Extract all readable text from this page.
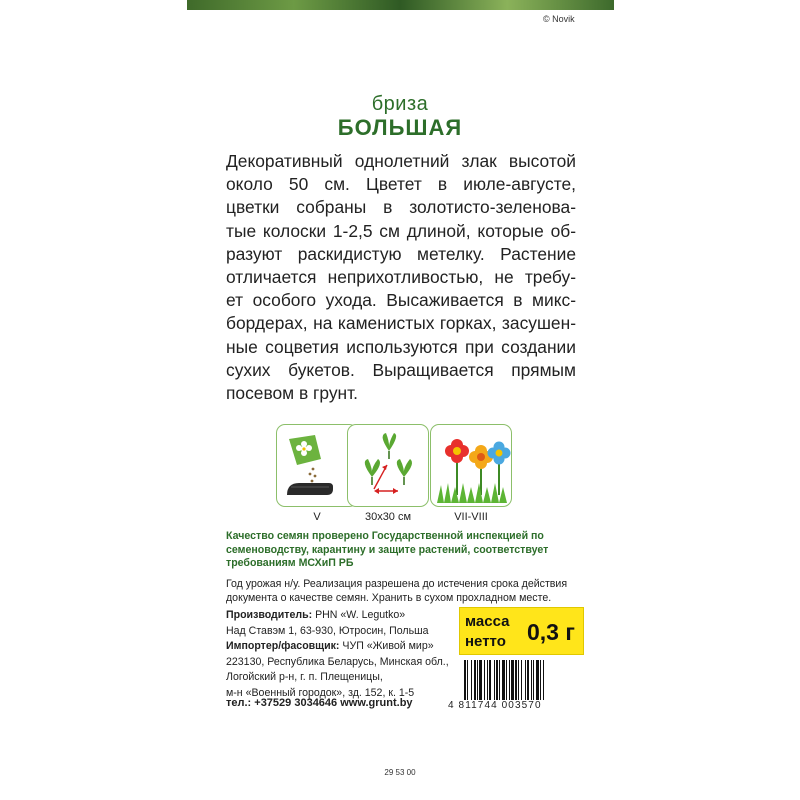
© Novik
бриза
БОЛЬШАЯ
Декоративный однолетний злак высотой
около 50 см. Цветет в июле-августе,
цветки собраны в золотисто-зеленова-
тые колоски 1-2,5 см длиной, которые об-
разуют раскидистую метелку. Растение
отличается неприхотливостью, не требу-
ет особого ухода. Высаживается в микс-
бордерах, на каменистых горках, засушен-
ные соцветия используются при создании
сухих букетов. Выращивается прямым
посевом в грунт.
V	30х30 см	VII-VIII
Качество семян проверено Государственной инспекцией по семеноводству, карантину и защите растений, соответствует требованиям МСХиП РБ
Год урожая н/у. Реализация разрешена до истечения срока действия документа о качестве семян. Хранить в сухом прохладном месте.
Производитель: PHN «W. Legutko»
Над Ставэм 1, 63-930, Ютросин, Польша
Импортер/фасовщик: ЧУП «Живой мир»
223130, Республика Беларусь, Минская обл.,
Логойский р-н, г. п. Плещеницы,
м-н «Военный городок», зд. 152, к. 1-5
масса
нетто 0,3 г
4 811744 003570
тел.: +37529 3034646 www.grunt.by
29 53 00
